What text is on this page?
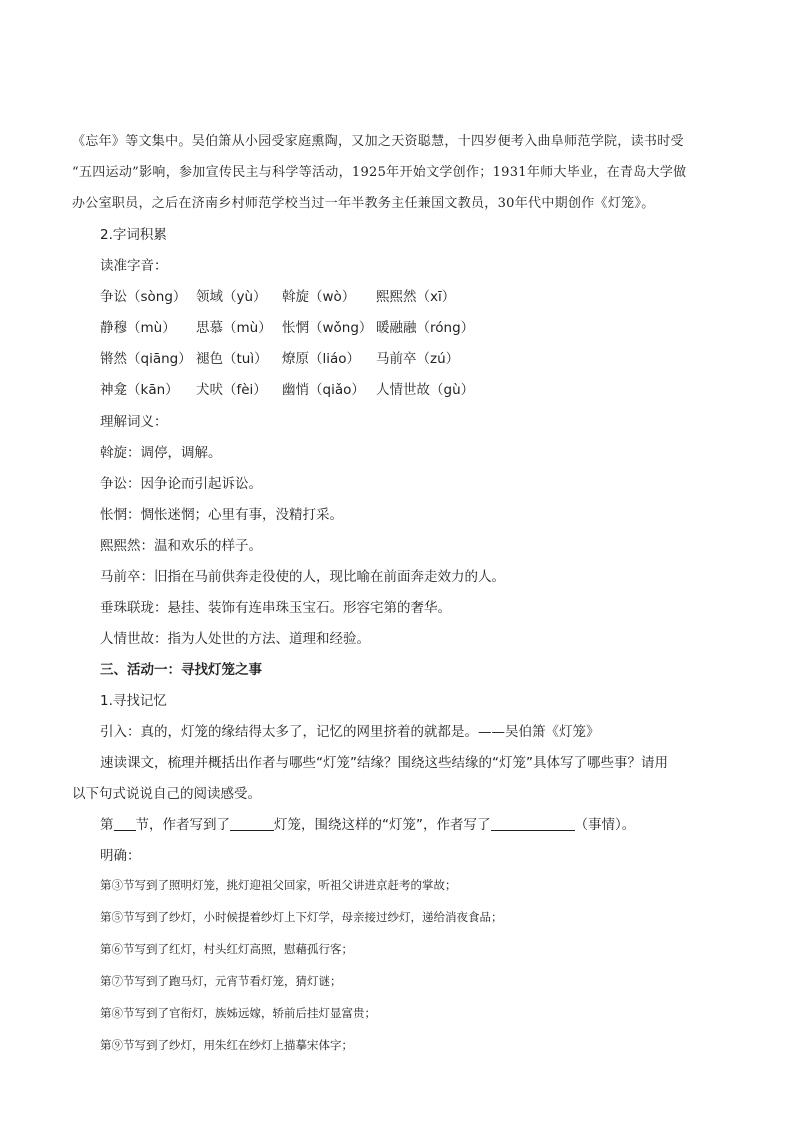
《忘年》等文集中。吴伯箫从小园受家庭熏陶，又加之天资聪慧，十四岁便考入曲阜师范学院，读书时受
“五四运动”影响，参加宣传民主与科学等活动，1925年开始文学创作；1931年师大毕业，在青岛大学做
办公室职员，之后在济南乡村师范学校当过一年半教务主任兼国文教员，30年代中期创作《灯笼》。
2.字词积累
读准字音：
争讼（sòng） 领域（yù） 斡旋（wò） 熙熙然（xī）
静穆（mù） 思慕（mù） 怅惘（wǒng） 暖融融（róng）
锵然（qiāng） 褪色（tuì） 燎原（liáo） 马前卒（zú）
神龛（kān） 犬吠（fèi） 幽悄（qiǎo） 人情世故（gù）
理解词义：
斡旋：调停，调解。
争讼：因争论而引起诉讼。
怅惘：惆怅迷惘；心里有事，没精打采。
熙熙然：温和欢乐的样子。
马前卒：旧指在马前供奔走役使的人，现比喻在前面奔走效力的人。
垂珠联珑：悬挂、装饰有连串珠玉宝石。形容宅第的奢华。
人情世故：指为人处世的方法、道理和经验。
三、活动一：寻找灯笼之事
1.寻找记忆
引入：真的，灯笼的缘结得太多了，记忆的网里挤着的就都是。——吴伯箫《灯笼》
速读课文，梳理并概括出作者与哪些“灯笼”结缘？围绕这些结缘的“灯笼”具体写了哪些事？请用
以下句式说说自己的阅读感受。
第 节，作者写到了	灯笼，围绕这样的“灯笼”，作者写了	（事情）。
明确：
第③节写到了照明灯笼，挑灯迎祖父回家，听祖父讲进京赶考的掌故；
第⑤节写到了纱灯，小时候提着纱灯上下灯学，母亲接过纱灯，递给消夜食品；
第⑥节写到了红灯，村头红灯高照，慰藉孤行客；
第⑦节写到了跑马灯，元宵节看灯笼，猜灯谜；
第⑧节写到了官衔灯，族姊远嫁，轿前后挂灯显富贵；
第⑨节写到了纱灯，用朱红在纱灯上描摹宋体字；
